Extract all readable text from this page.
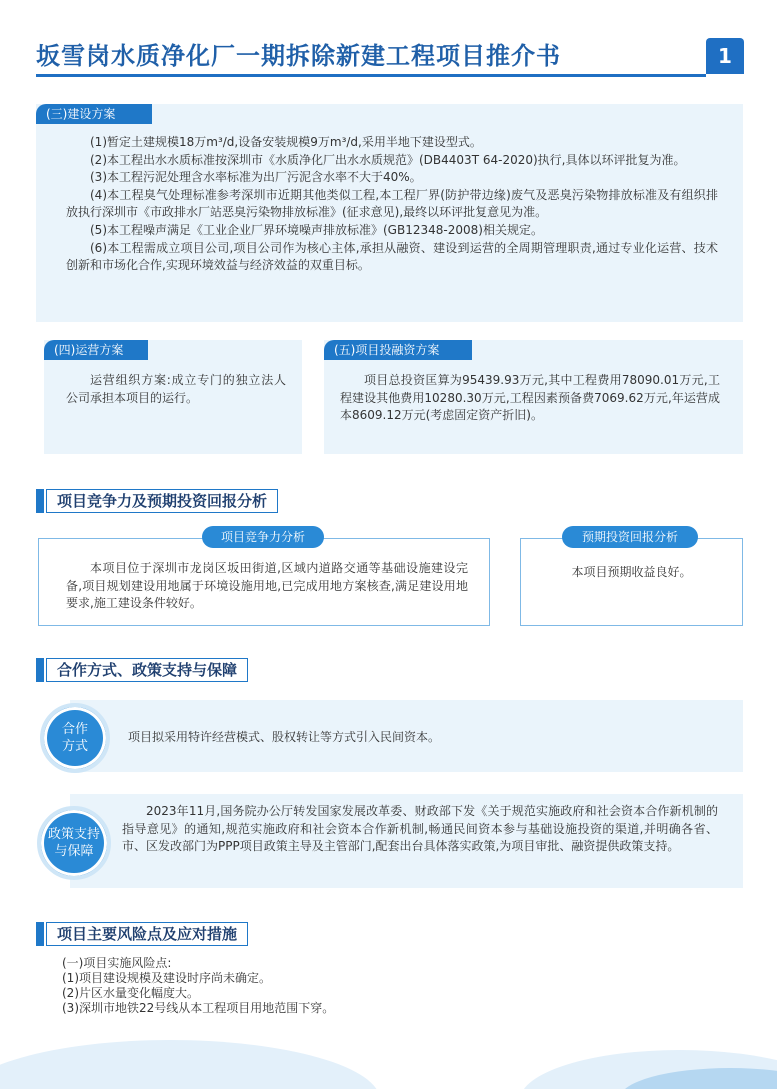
坂雪岗水质净化厂一期拆除新建工程项目推介书	1
(三)建设方案

(1)暂定土建规模18万m³/d,设备安装规模9万m³/d,采用半地下建设型式。

(2)本工程出水水质标准按深圳市《水质净化厂出水水质规范》(DB4403T 64-2020)执行,具体以环评批复为准。

(3)本工程污泥处理含水率标准为出厂污泥含水率不大于40%。

(4)本工程臭气处理标准参考深圳市近期其他类似工程,本工程厂界(防护带边缘)废气及恶臭污染物排放标准及有组织排放执行深圳市《市政排水厂站恶臭污染物排放标准》(征求意见),最终以环评批复意见为准。

(5)本工程噪声满足《工业企业厂界环境噪声排放标准》(GB12348-2008)相关规定。

(6)本工程需成立项目公司,项目公司作为核心主体,承担从融资、建设到运营的全周期管理职责,通过专业化运营、技术创新和市场化合作,实现环境效益与经济效益的双重目标。

(四)运营方案

运营组织方案:成立专门的独立法人公司承担本项目的运行。

(五)项目投融资方案

项目总投资匡算为95439.93万元,其中工程费用78090.01万元,工程建设其他费用10280.30万元,工程因素预备费7069.62万元,年运营成本8609.12万元(考虑固定资产折旧)。

项目竞争力及预期投资回报分析
项目竞争力分析

本项目位于深圳市龙岗区坂田街道,区域内道路交通等基础设施建设完备,项目规划建设用地属于环境设施用地,已完成用地方案核查,满足建设用地要求,施工建设条件较好。

预期投资回报分析

本项目预期收益良好。

合作方式、政策支持与保障
合作
方式

项目拟采用特许经营模式、股权转让等方式引入民间资本。

政策支持
与保障

2023年11月,国务院办公厅转发国家发展改革委、财政部下发《关于规范实施政府和社会资本合作新机制的指导意见》的通知,规范实施政府和社会资本合作新机制,畅通民间资本参与基础设施投资的渠道,并明确各省、市、区发改部门为PPP项目政策主导及主管部门,配套出台具体落实政策,为项目审批、融资提供政策支持。

项目主要风险点及应对措施
(一)项目实施风险点:
(1)项目建设规模及建设时序尚未确定。
(2)片区水量变化幅度大。
(3)深圳市地铁22号线从本工程项目用地范围下穿。
